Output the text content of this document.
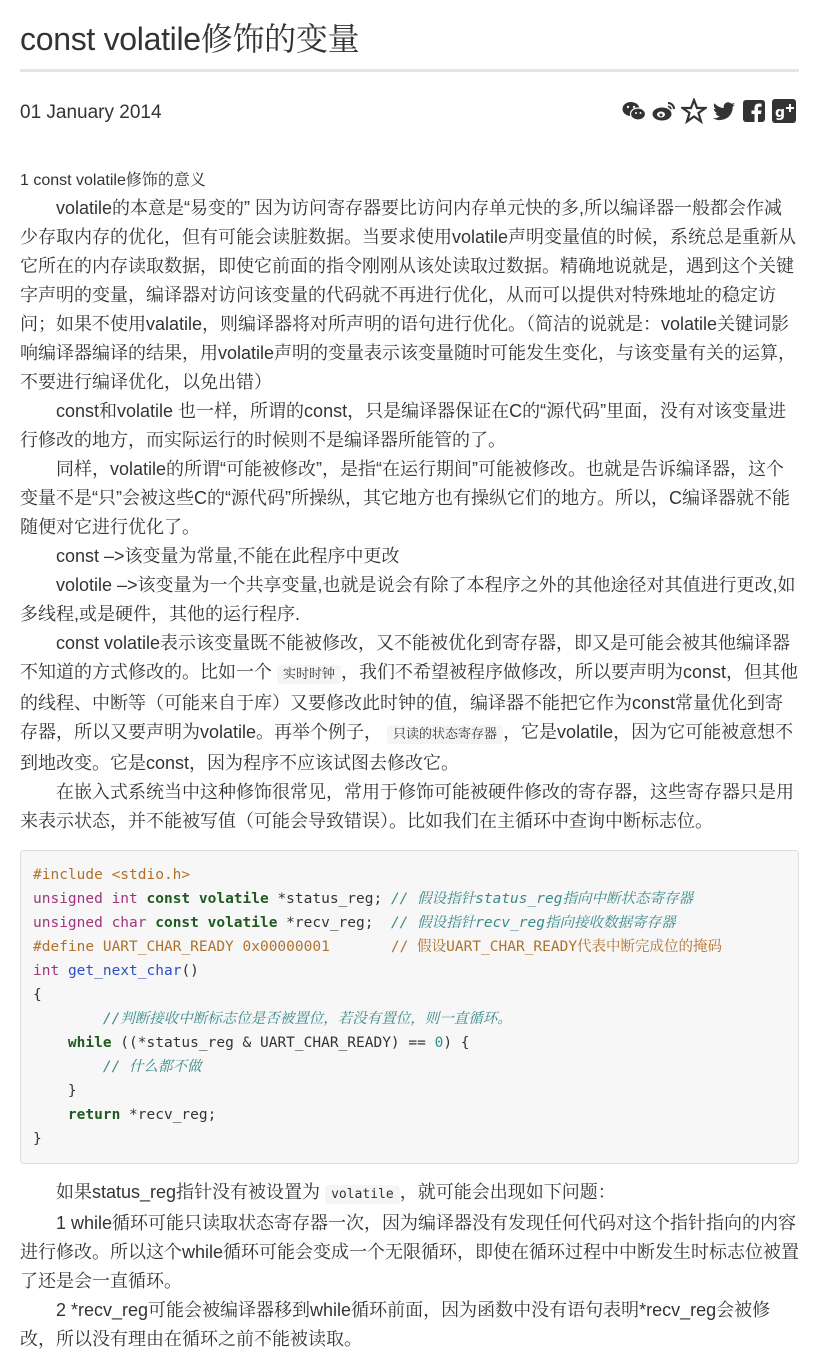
const volatile修饰的变量
01 January 2014	g
1 const volatile修饰的意义

volatile的本意是“易变的” 因为访问寄存器要比访问内存单元快的多,所以编译器一般都会作减少存取内存的优化，但有可能会读脏数据。当要求使用volatile声明变量值的时候，系统总是重新从它所在的内存读取数据，即使它前面的指令刚刚从该处读取过数据。精确地说就是，遇到这个关键字声明的变量，编译器对访问该变量的代码就不再进行优化，从而可以提供对特殊地址的稳定访问；如果不使用valatile，则编译器将对所声明的语句进行优化。（简洁的说就是：volatile关键词影响编译器编译的结果，用volatile声明的变量表示该变量随时可能发生变化，与该变量有关的运算，不要进行编译优化，以免出错）

const和volatile 也一样，所谓的const，只是编译器保证在C的“源代码”里面，没有对该变量进行修改的地方，而实际运行的时候则不是编译器所能管的了。

同样，volatile的所谓“可能被修改”，是指“在运行期间”可能被修改。也就是告诉编译器，这个变量不是“只”会被这些C的“源代码”所操纵，其它地方也有操纵它们的地方。所以，C编译器就不能随便对它进行优化了。

const –>该变量为常量,不能在此程序中更改

volotile –>该变量为一个共享变量,也就是说会有除了本程序之外的其他途径对其值进行更改,如多线程,或是硬件，其他的运行程序.

const volatile表示该变量既不能被修改，又不能被优化到寄存器，即又是可能会被其他编译器不知道的方式修改的。比如一个 实时时钟 ，我们不希望被程序做修改，所以要声明为const，但其他的线程、中断等（可能来自于库）又要修改此时钟的值，编译器不能把它作为const常量优化到寄存器，所以又要声明为volatile。再举个例子， 只读的状态寄存器 ，它是volatile，因为它可能被意想不到地改变。它是const，因为程序不应该试图去修改它。

在嵌入式系统当中这种修饰很常见，常用于修饰可能被硬件修改的寄存器，这些寄存器只是用来表示状态，并不能被写值（可能会导致错误）。比如我们在主循环中查询中断标志位。

#include <stdio.h>
unsigned int const volatile *status_reg; // 假设指针status_reg指向中断状态寄存器
unsigned char const volatile *recv_reg; // 假设指针recv_reg指向接收数据寄存器
#define UART_CHAR_READY 0x00000001	// 假设UART_CHAR_READY代表中断完成位的掩码
int get_next_char()
{
//判断接收中断标志位是否被置位，若没有置位，则一直循环。
while ((*status_reg & UART_CHAR_READY) == 0) {
// 什么都不做
}
return *recv_reg;
}

如果status_reg指针没有被设置为 volatile ，就可能会出现如下问题：

1 while循环可能只读取状态寄存器一次，因为编译器没有发现任何代码对这个指针指向的内容进行修改。所以这个while循环可能会变成一个无限循环，即使在循环过程中中断发生时标志位被置了还是会一直循环。

2 *recv_reg可能会被编译器移到while循环前面，因为函数中没有语句表明*recv_reg会被修改，所以没有理由在循环之前不能被读取。
